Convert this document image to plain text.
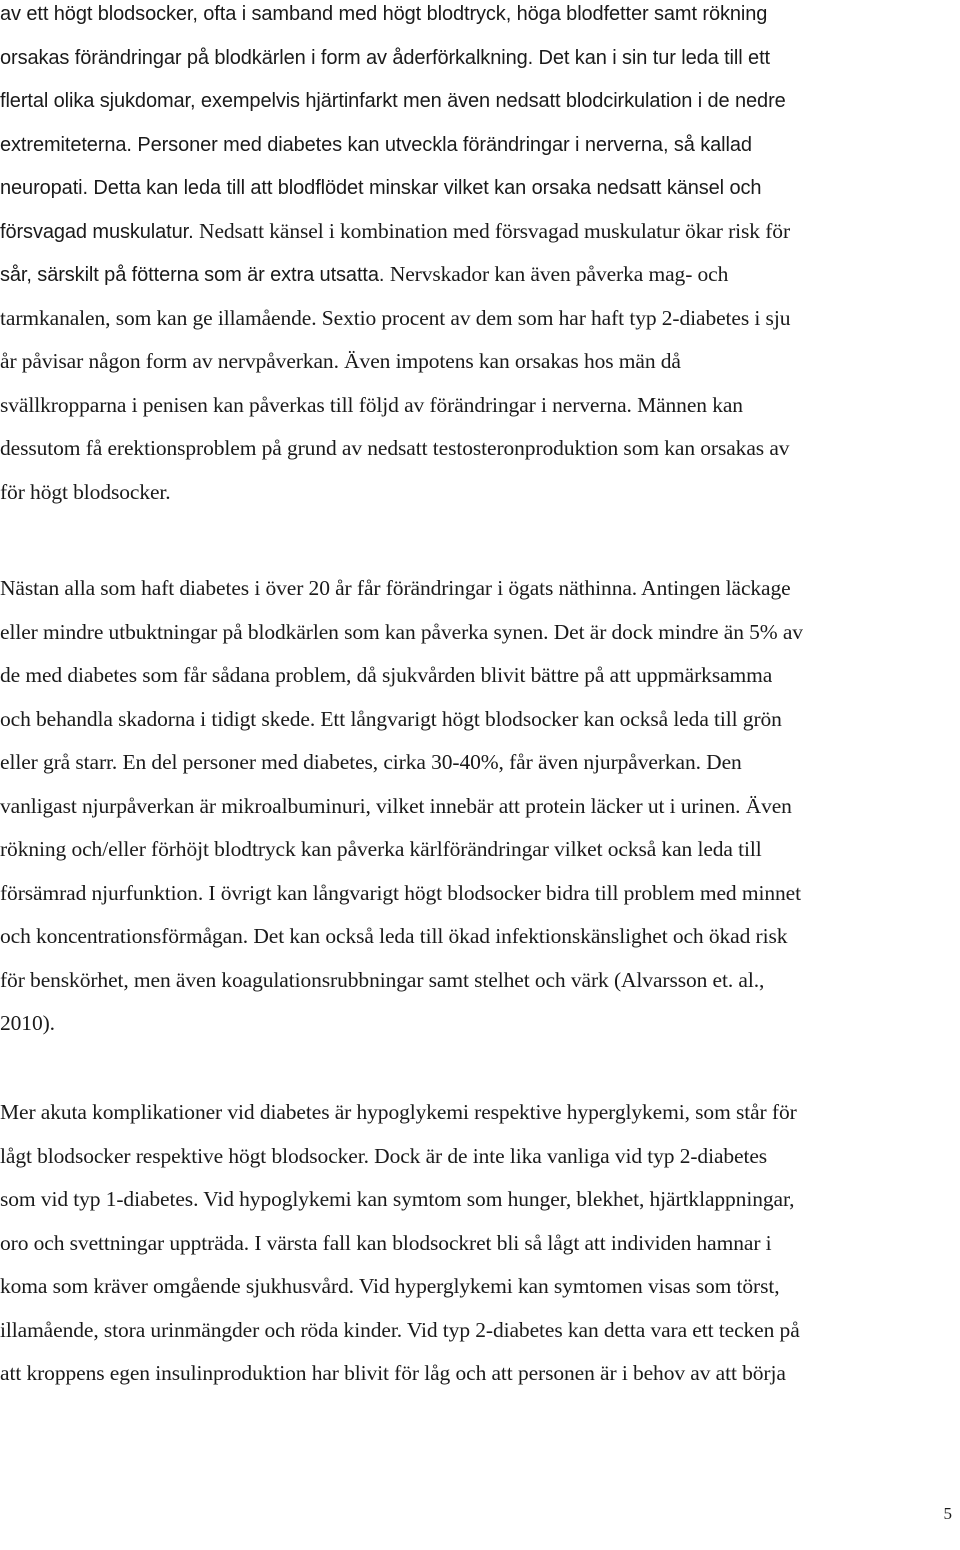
av ett högt blodsocker, ofta i samband med högt blodtryck, höga blodfetter samt rökning
orsakas förändringar på blodkärlen i form av åderförkalkning. Det kan i sin tur leda till ett
flertal olika sjukdomar, exempelvis hjärtinfarkt men även nedsatt blodcirkulation i de nedre
extremiteterna. Personer med diabetes kan utveckla förändringar i nerverna, så kallad
neuropati. Detta kan leda till att blodflödet minskar vilket kan orsaka nedsatt känsel och
försvagad muskulatur. Nedsatt känsel i kombination med försvagad muskulatur ökar risk för
sår, särskilt på fötterna som är extra utsatta. Nervskador kan även påverka mag- och
tarmkanalen, som kan ge illamående. Sextio procent av dem som har haft typ 2-diabetes i sju
år påvisar någon form av nervpåverkan. Även impotens kan orsakas hos män då
svällkropparna i penisen kan påverkas till följd av förändringar i nerverna. Männen kan
dessutom få erektionsproblem på grund av nedsatt testosteronproduktion som kan orsakas av
för högt blodsocker.
Nästan alla som haft diabetes i över 20 år får förändringar i ögats näthinna. Antingen läckage
eller mindre utbuktningar på blodkärlen som kan påverka synen. Det är dock mindre än 5% av
de med diabetes som får sådana problem, då sjukvården blivit bättre på att uppmärksamma
och behandla skadorna i tidigt skede. Ett långvarigt högt blodsocker kan också leda till grön
eller grå starr. En del personer med diabetes, cirka 30-40%, får även njurpåverkan. Den
vanligast njurpåverkan är mikroalbuminuri, vilket innebär att protein läcker ut i urinen. Även
rökning och/eller förhöjt blodtryck kan påverka kärlförändringar vilket också kan leda till
försämrad njurfunktion. I övrigt kan långvarigt högt blodsocker bidra till problem med minnet
och koncentrationsförmågan. Det kan också leda till ökad infektionskänslighet och ökad risk
för benskörhet, men även koagulationsrubbningar samt stelhet och värk (Alvarsson et. al.,
2010).
Mer akuta komplikationer vid diabetes är hypoglykemi respektive hyperglykemi, som står för
lågt blodsocker respektive högt blodsocker. Dock är de inte lika vanliga vid typ 2-diabetes
som vid typ 1-diabetes. Vid hypoglykemi kan symtom som hunger, blekhet, hjärtklappningar,
oro och svettningar uppträda. I värsta fall kan blodsockret bli så lågt att individen hamnar i
koma som kräver omgående sjukhusvård. Vid hyperglykemi kan symtomen visas som törst,
illamående, stora urinmängder och röda kinder. Vid typ 2-diabetes kan detta vara ett tecken på
att kroppens egen insulinproduktion har blivit för låg och att personen är i behov av att börja
5
